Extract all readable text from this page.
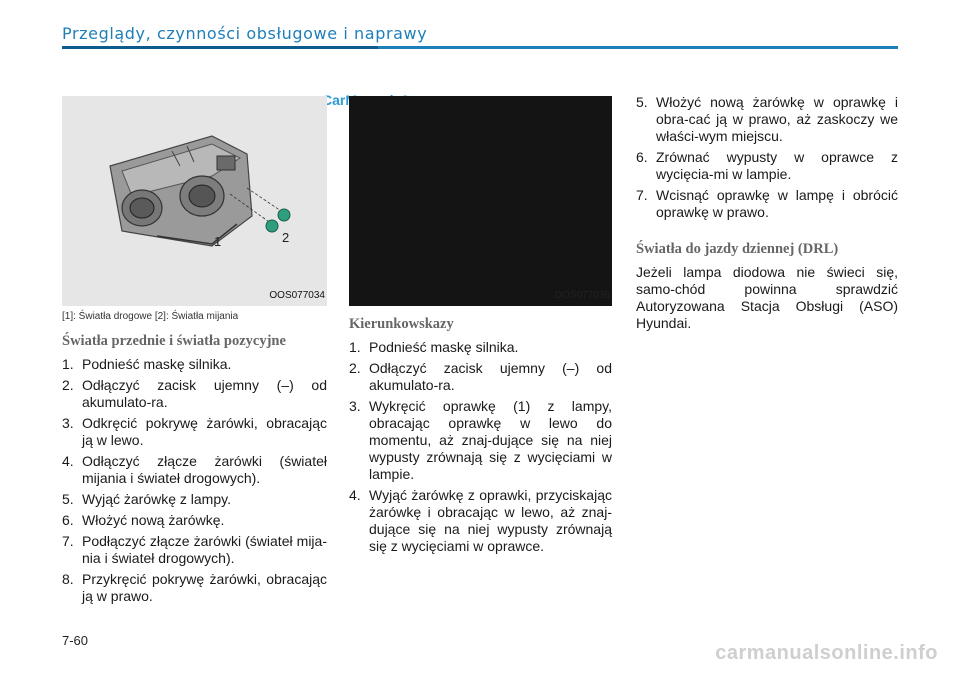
Przeglądy, czynności obsługowe i naprawy
1	2
OOS077034
[1]: Światła drogowe [2]: Światła mijania
Światła przednie i światła pozycyjne
1. Podnieść maskę silnika.
2. Odłączyć zacisk ujemny (–) od akumulato-ra.
3. Odkręcić pokrywę żarówki, obracając ją w lewo.
4. Odłączyć złącze żarówki (świateł mijania i świateł drogowych).
5. Wyjąć żarówkę z lampy.
6. Włożyć nową żarówkę.
7. Podłączyć złącze żarówki (świateł mija-nia i świateł drogowych).
8. Przykręcić pokrywę żarówki, obracając ją w prawo.
OOS077038
Kierunkowskazy
1. Podnieść maskę silnika.
2. Odłączyć zacisk ujemny (–) od akumulato-ra.
3. Wykręcić oprawkę (1) z lampy, obracając oprawkę w lewo do momentu, aż znaj-dujące się na niej wypusty zrównają się z wycięciami w lampie.
4. Wyjąć żarówkę z oprawki, przyciskając żarówkę i obracając w lewo, aż znaj-dujące się na niej wypusty zrównają się z wycięciami w oprawce.
5. Włożyć nową żarówkę w oprawkę i obra-cać ją w prawo, aż zaskoczy we właści-wym miejscu.
6. Zrównać wypusty w oprawce z wycięcia-mi w lampie.
7. Wcisnąć oprawkę w lampę i obrócić oprawkę w prawo.
Światła do jazdy dziennej (DRL)

Jeżeli lampa diodowa nie świeci się, samo-chód powinna sprawdzić Autoryzowana Stacja Obsługi (ASO) Hyundai.

7-60
carmanualsonline.info
